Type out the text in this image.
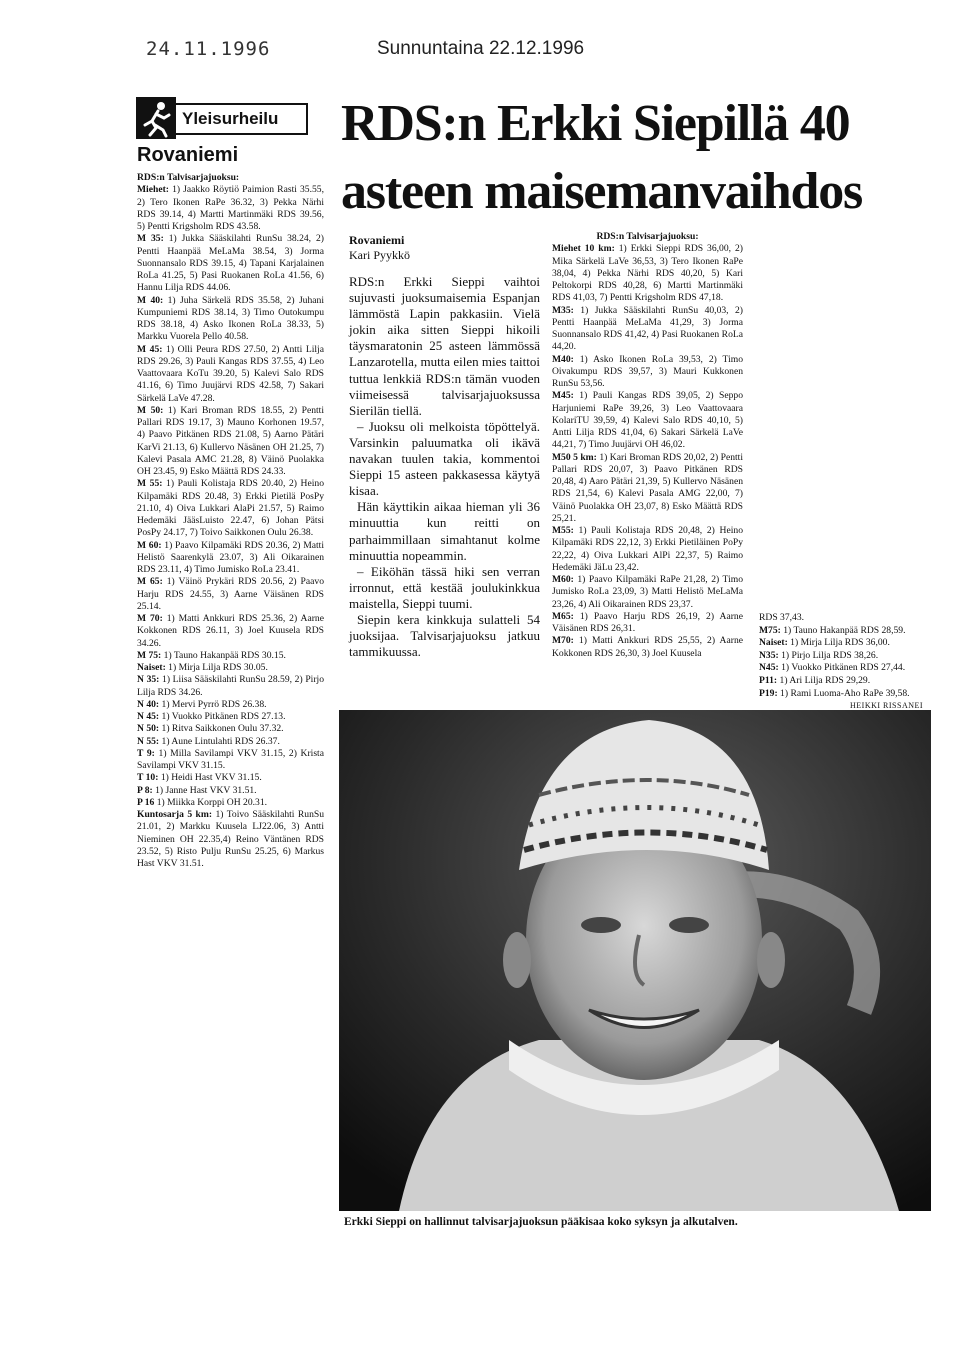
24.11.1996	Sunnuntaina 22.12.1996
Yleisurheilu
Rovaniemi

RDS:n Talvisarjajuoksu:

Miehet: 1) Jaakko Röytiö Paimion Rasti 35.55, 2) Tero Ikonen RaPe 36.32, 3) Pekka Närhi RDS 39.14, 4) Martti Martinmäki RDS 39.56, 5) Pentti Krigsholm RDS 43.58.

M 35: 1) Jukka Sääskilahti RunSu 38.24, 2) Pentti Haanpää MeLaMa 38.54, 3) Jorma Suonnansalo RDS 39.15, 4) Tapani Karjalainen RoLa 41.25, 5) Pasi Ruokanen RoLa 41.56, 6) Hannu Lilja RDS 44.06.

M 40: 1) Juha Särkelä RDS 35.58, 2) Juhani Kumpuniemi RDS 38.14, 3) Timo Outokumpu RDS 38.18, 4) Asko Ikonen RoLa 38.33, 5) Markku Vuorela Pello 40.58.

M 45: 1) Olli Peura RDS 27.50, 2) Antti Lilja RDS 29.26, 3) Pauli Kangas RDS 37.55, 4) Leo Vaattovaara KoTu 39.20, 5) Kalevi Salo RDS 41.16, 6) Timo Juujärvi RDS 42.58, 7) Sakari Särkelä LaVe 47.28.

M 50: 1) Kari Broman RDS 18.55, 2) Pentti Pallari RDS 19.17, 3) Mauno Korhonen 19.57, 4) Paavo Pitkänen RDS 21.08, 5) Aarno Pätäri KarVi 21.13, 6) Kullervo Näsänen OH 21.25, 7) Kalevi Pasala AMC 21.28, 8) Väinö Puolakka OH 23.45, 9) Esko Määttä RDS 24.33.

M 55: 1) Pauli Kolistaja RDS 20.40, 2) Heino Kilpamäki RDS 20.48, 3) Erkki Pietilä PosPy 21.10, 4) Oiva Lukkari AlaPi 21.57, 5) Raimo Hedemäki JääsLuisto 22.47, 6) Johan Pätsi PosPy 24.17, 7) Toivo Saikkonen Oulu 26.38.

M 60: 1) Paavo Kilpamäki RDS 20.36, 2) Matti Helistö Saarenkylä 23.07, 3) Ali Oikarainen RDS 23.11, 4) Timo Jumisko RoLa 23.41.

M 65: 1) Väinö Prykäri RDS 20.56, 2) Paavo Harju RDS 24.55, 3) Aarne Väisänen RDS 25.14.

M 70: 1) Matti Ankkuri RDS 25.36, 2) Aarne Kokkonen RDS 26.11, 3) Joel Kuusela RDS 34.26.

M 75: 1) Tauno Hakanpää RDS 30.15.

Naiset: 1) Mirja Lilja RDS 30.05.

N 35: 1) Liisa Sääskilahti RunSu 28.59, 2) Pirjo Lilja RDS 34.26.

N 40: 1) Mervi Pyrrö RDS 26.38.

N 45: 1) Vuokko Pitkänen RDS 27.13.

N 50: 1) Ritva Saikkonen Oulu 37.32.

N 55: 1) Aune Lintulahti RDS 26.37.

T 9: 1) Milla Savilampi VKV 31.15, 2) Krista Savilampi VKV 31.15.

T 10: 1) Heidi Hast VKV 31.15.

P 8: 1) Janne Hast VKV 31.51.

P 16 1) Miikka Korppi OH 20.31.

Kuntosarja 5 km: 1) Toivo Sääskilahti RunSu 21.01, 2) Markku Kuusela LJ22.06, 3) Antti Nieminen OH 22.35,4) Reino Väntänen RDS 23.52, 5) Risto Pulju RunSu 25.25, 6) Markus Hast VKV 31.51.

RDS:n Erkki Siepillä 40 asteen maisemanvaihdos
Rovaniemi
Kari Pyykkö

RDS:n Erkki Sieppi vaihtoi sujuvasti juoksumaisemia Espanjan lämmöstä Lapin pakkasiin. Vielä jokin aika sitten Sieppi hikoili täysmaratonin 25 asteen lämmössä Lanzarotella, mutta eilen mies taittoi tuttua lenkkiä RDS:n tämän vuoden viimeisessä talvisarjajuoksussa Sierilän tiellä.

– Juoksu oli melkoista töpöttelyä. Varsinkin paluumatka oli ikävä navakan tuulen takia, kommentoi Sieppi 15 asteen pakkasessa käytyä kisaa.

Hän käyttikin aikaa hieman yli 36 minuuttia kun reitti on parhaimmillaan simahtanut kolme minuuttia nopeammin.

– Eiköhän tässä hiki sen verran irronnut, että kestää joulukinkkua maistella, Sieppi tuumi.

Siepin kera kinkkuja sulatteli 54 juoksijaa. Talvisarjajuoksu jatkuu tammikuussa.

RDS:n Talvisarjajuoksu:

Miehet 10 km: 1) Erkki Sieppi RDS 36,00, 2) Mika Särkelä LaVe 36,53, 3) Tero Ikonen RaPe 38,04, 4) Pekka Närhi RDS 40,20, 5) Kari Peltokorpi RDS 40,28, 6) Martti Martinmäki RDS 41,03, 7) Pentti Krigsholm RDS 47,18.

M35: 1) Jukka Sääskilahti RunSu 40,03, 2) Pentti Haanpää MeLaMa 41,29, 3) Jorma Suonnansalo RDS 41,42, 4) Pasi Ruokanen RoLa 44,20.

M40: 1) Asko Ikonen RoLa 39,53, 2) Timo Oivakumpu RDS 39,57, 3) Mauri Kukkonen RunSu 53,56.

M45: 1) Pauli Kangas RDS 39,05, 2) Seppo Harjuniemi RaPe 39,26, 3) Leo Vaattovaara KolariTU 39,59, 4) Kalevi Salo RDS 40,10, 5) Antti Lilja RDS 41,04, 6) Sakari Särkelä LaVe 44,21, 7) Timo Juujärvi OH 46,02.

M50 5 km: 1) Kari Broman RDS 20,02, 2) Pentti Pallari RDS 20,07, 3) Paavo Pitkänen RDS 20,48, 4) Aaro Pätäri 21,39, 5) Kullervo Näsänen RDS 21,54, 6) Kalevi Pasala AMG 22,00, 7) Väinö Puolakka OH 23,07, 8) Esko Määttä RDS 25,21.

M55: 1) Pauli Kolistaja RDS 20,48, 2) Heino Kilpamäki RDS 22,12, 3) Erkki Pietiläinen PoPy 22,22, 4) Oiva Lukkari AlPi 22,37, 5) Raimo Hedemäki JäLu 23,42.

M60: 1) Paavo Kilpamäki RaPe 21,28, 2) Timo Jumisko RoLa 23,09, 3) Matti Helistö MeLaMa 23,26, 4) Ali Oikarainen RDS 23,37.

M65: 1) Paavo Harju RDS 26,19, 2) Aarne Väisänen RDS 26,31.

M70: 1) Matti Ankkuri RDS 25,55, 2) Aarne Kokkonen RDS 26,30, 3) Joel Kuusela

RDS 37,43.

M75: 1) Tauno Hakanpää RDS 28,59.

Naiset: 1) Mirja Lilja RDS 36,00.

N35: 1) Pirjo Lilja RDS 38,26.

N45: 1) Vuokko Pitkänen RDS 27,44.

P11: 1) Ari Lilja RDS 29,29.

P19: 1) Rami Luoma-Aho RaPe 39,58.

HEIKKI RISSANEI
Erkki Sieppi on hallinnut talvisarjajuoksun pääkisaa koko syksyn ja alkutalven.
